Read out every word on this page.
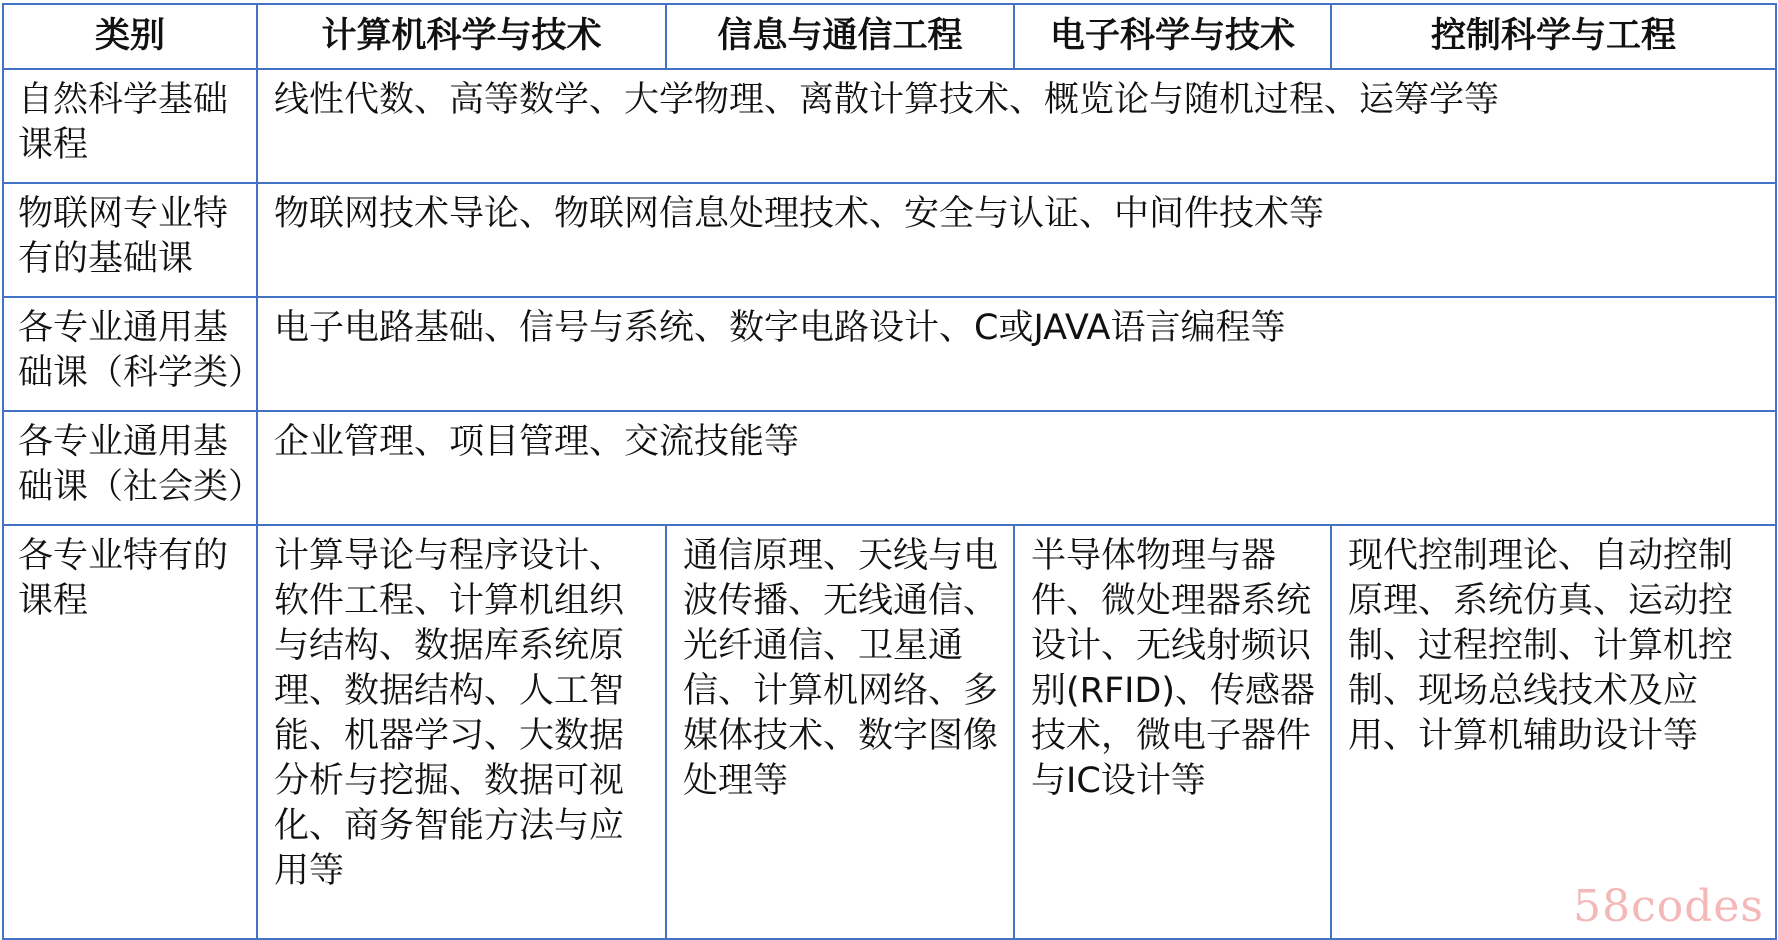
类别	计算机科学与技术	信息与通信工程	电子科学与技术	控制科学与工程
自然科学基础课程	线性代数、高等数学、大学物理、离散计算技术、概览论与随机过程、运筹学等			
物联网专业特有的基础课	物联网技术导论、物联网信息处理技术、安全与认证、中间件技术等			
各专业通用基础课（科学类）	电子电路基础、信号与系统、数字电路设计、C或JAVA语言编程等			
各专业通用基础课（社会类）	企业管理、项目管理、交流技能等			
各专业特有的课程	计算导论与程序设计、软件工程、计算机组织与结构、数据库系统原理、数据结构、人工智能、机器学习、大数据分析与挖掘、数据可视化、商务智能方法与应用等	通信原理、天线与电波传播、无线通信、光纤通信、卫星通信、计算机网络、多媒体技术、数字图像处理等	半导体物理与器件、微处理器系统设计、无线射频识别(RFID)、传感器技术，微电子器件与IC设计等	现代控制理论、自动控制原理、系统仿真、运动控制、过程控制、计算机控制、现场总线技术及应用、计算机辅助设计等
58codes
